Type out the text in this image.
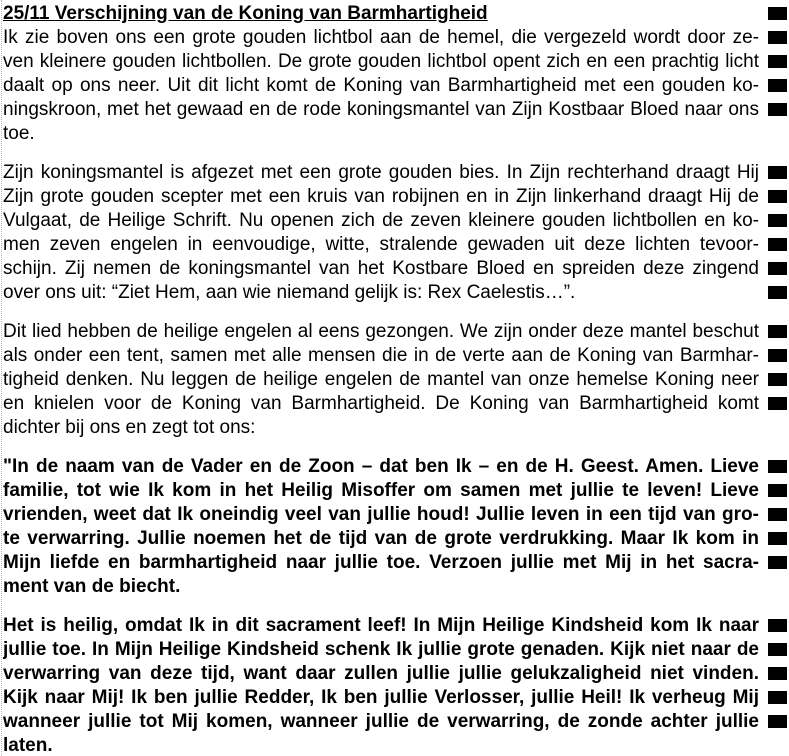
25/11 Verschijning van de Koning van Barmhartigheid
Ik zie boven ons een grote gouden lichtbol aan de hemel, die vergezeld wordt door ze-
ven kleinere gouden lichtbollen. De grote gouden lichtbol opent zich en een prachtig licht
daalt op ons neer. Uit dit licht komt de Koning van Barmhartigheid met een gouden ko-
ningskroon, met het gewaad en de rode koningsmantel van Zijn Kostbaar Bloed naar ons
toe.
Zijn koningsmantel is afgezet met een grote gouden bies. In Zijn rechterhand draagt Hij
Zijn grote gouden scepter met een kruis van robijnen en in Zijn linkerhand draagt Hij de
Vulgaat, de Heilige Schrift. Nu openen zich de zeven kleinere gouden lichtbollen en ko-
men zeven engelen in eenvoudige, witte, stralende gewaden uit deze lichten tevoor-
schijn. Zij nemen de koningsmantel van het Kostbare Bloed en spreiden deze zingend
over ons uit: “Ziet Hem, aan wie niemand gelijk is: Rex Caelestis…”.
Dit lied hebben de heilige engelen al eens gezongen. We zijn onder deze mantel beschut
als onder een tent, samen met alle mensen die in de verte aan de Koning van Barmhar-
tigheid denken. Nu leggen de heilige engelen de mantel van onze hemelse Koning neer
en knielen voor de Koning van Barmhartigheid. De Koning van Barmhartigheid komt
dichter bij ons en zegt tot ons:
"In de naam van de Vader en de Zoon – dat ben Ik – en de H. Geest. Amen. Lieve
familie, tot wie Ik kom in het Heilig Misoffer om samen met jullie te leven! Lieve
vrienden, weet dat Ik oneindig veel van jullie houd! Jullie leven in een tijd van gro-
te verwarring. Jullie noemen het de tijd van de grote verdrukking. Maar Ik kom in
Mijn liefde en barmhartigheid naar jullie toe. Verzoen jullie met Mij in het sacra-
ment van de biecht.
Het is heilig, omdat Ik in dit sacrament leef! In Mijn Heilige Kindsheid kom Ik naar
jullie toe. In Mijn Heilige Kindsheid schenk Ik jullie grote genaden. Kijk niet naar de
verwarring van deze tijd, want daar zullen jullie jullie gelukzaligheid niet vinden.
Kijk naar Mij! Ik ben jullie Redder, Ik ben jullie Verlosser, jullie Heil! Ik verheug Mij
wanneer jullie tot Mij komen, wanneer jullie de verwarring, de zonde achter jullie
laten.
